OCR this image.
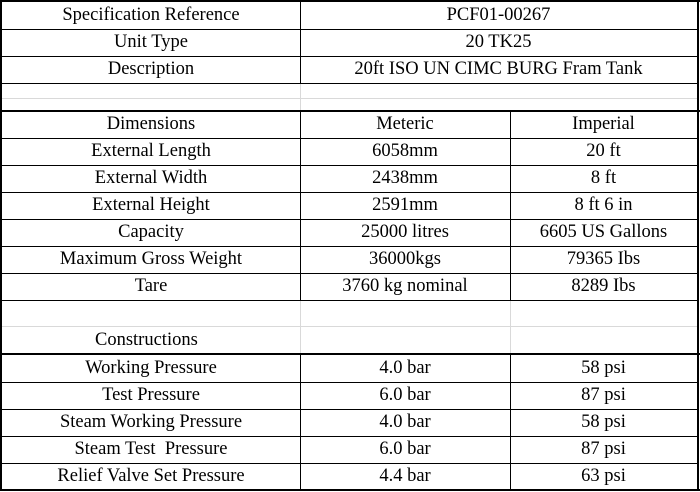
Specification Reference	PCF01-00267
Unit Type	20 TK25
Description	20ft ISO UN CIMC BURG Fram Tank
Dimensions	Meteric	Imperial
External Length	6058mm	20 ft
External Width	2438mm	8 ft
External Height	2591mm	8 ft 6 in
Capacity	25000 litres	6605 US Gallons
Maximum Gross Weight	36000kgs	79365 Ibs
Tare	3760 kg nominal	8289 Ibs
Constructions
Working Pressure	4.0 bar	58 psi
Test Pressure	6.0 bar	87 psi
Steam Working Pressure	4.0 bar	58 psi
Steam Test  Pressure	6.0 bar	87 psi
Relief Valve Set Pressure	4.4 bar	63 psi
